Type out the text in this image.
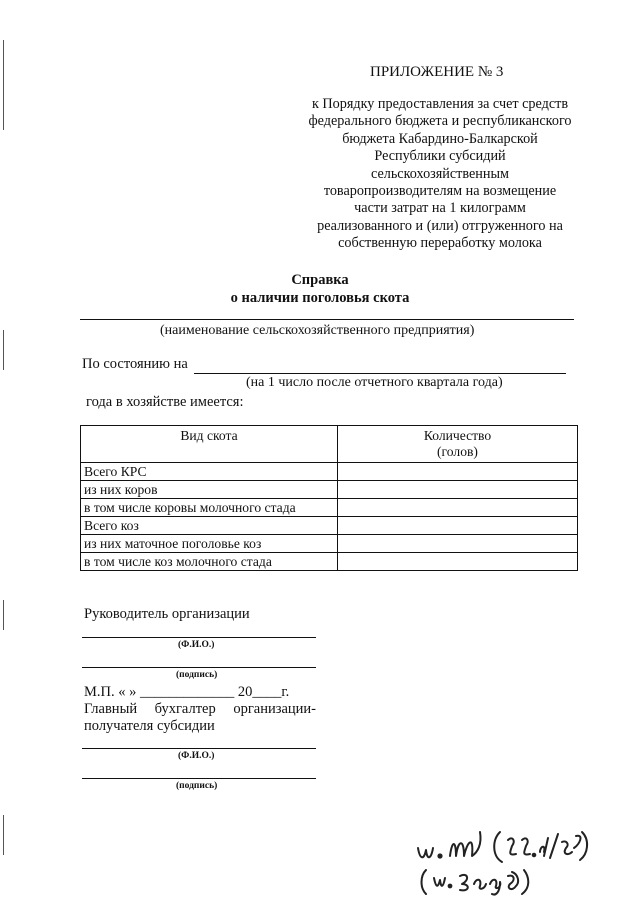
ПРИЛОЖЕНИЕ № 3
к Порядку предоставления за счет средств
федерального бюджета и республиканского
бюджета Кабардино-Балкарской
Республики субсидий
сельскохозяйственным
товаропроизводителям на возмещение
части затрат на 1 килограмм
реализованного и (или) отгруженного на
собственную переработку молока
Справка
о наличии поголовья скота
(наименование сельскохозяйственного предприятия)
По состоянию на
(на 1 число после отчетного квартала года)
года в хозяйстве имеется:
Вид скота	Количество
(голов)
Всего КРС	
из них коров	
в том числе коровы молочного стада	
Всего коз	
из них маточное поголовье коз	
в том числе коз молочного стада	
Руководитель организации
(Ф.И.О.)
(подпись)
М.П. « » _____________ 20____г.
Главный бухгалтер организации-
получателя субсидии
(Ф.И.О.)
(подпись)
